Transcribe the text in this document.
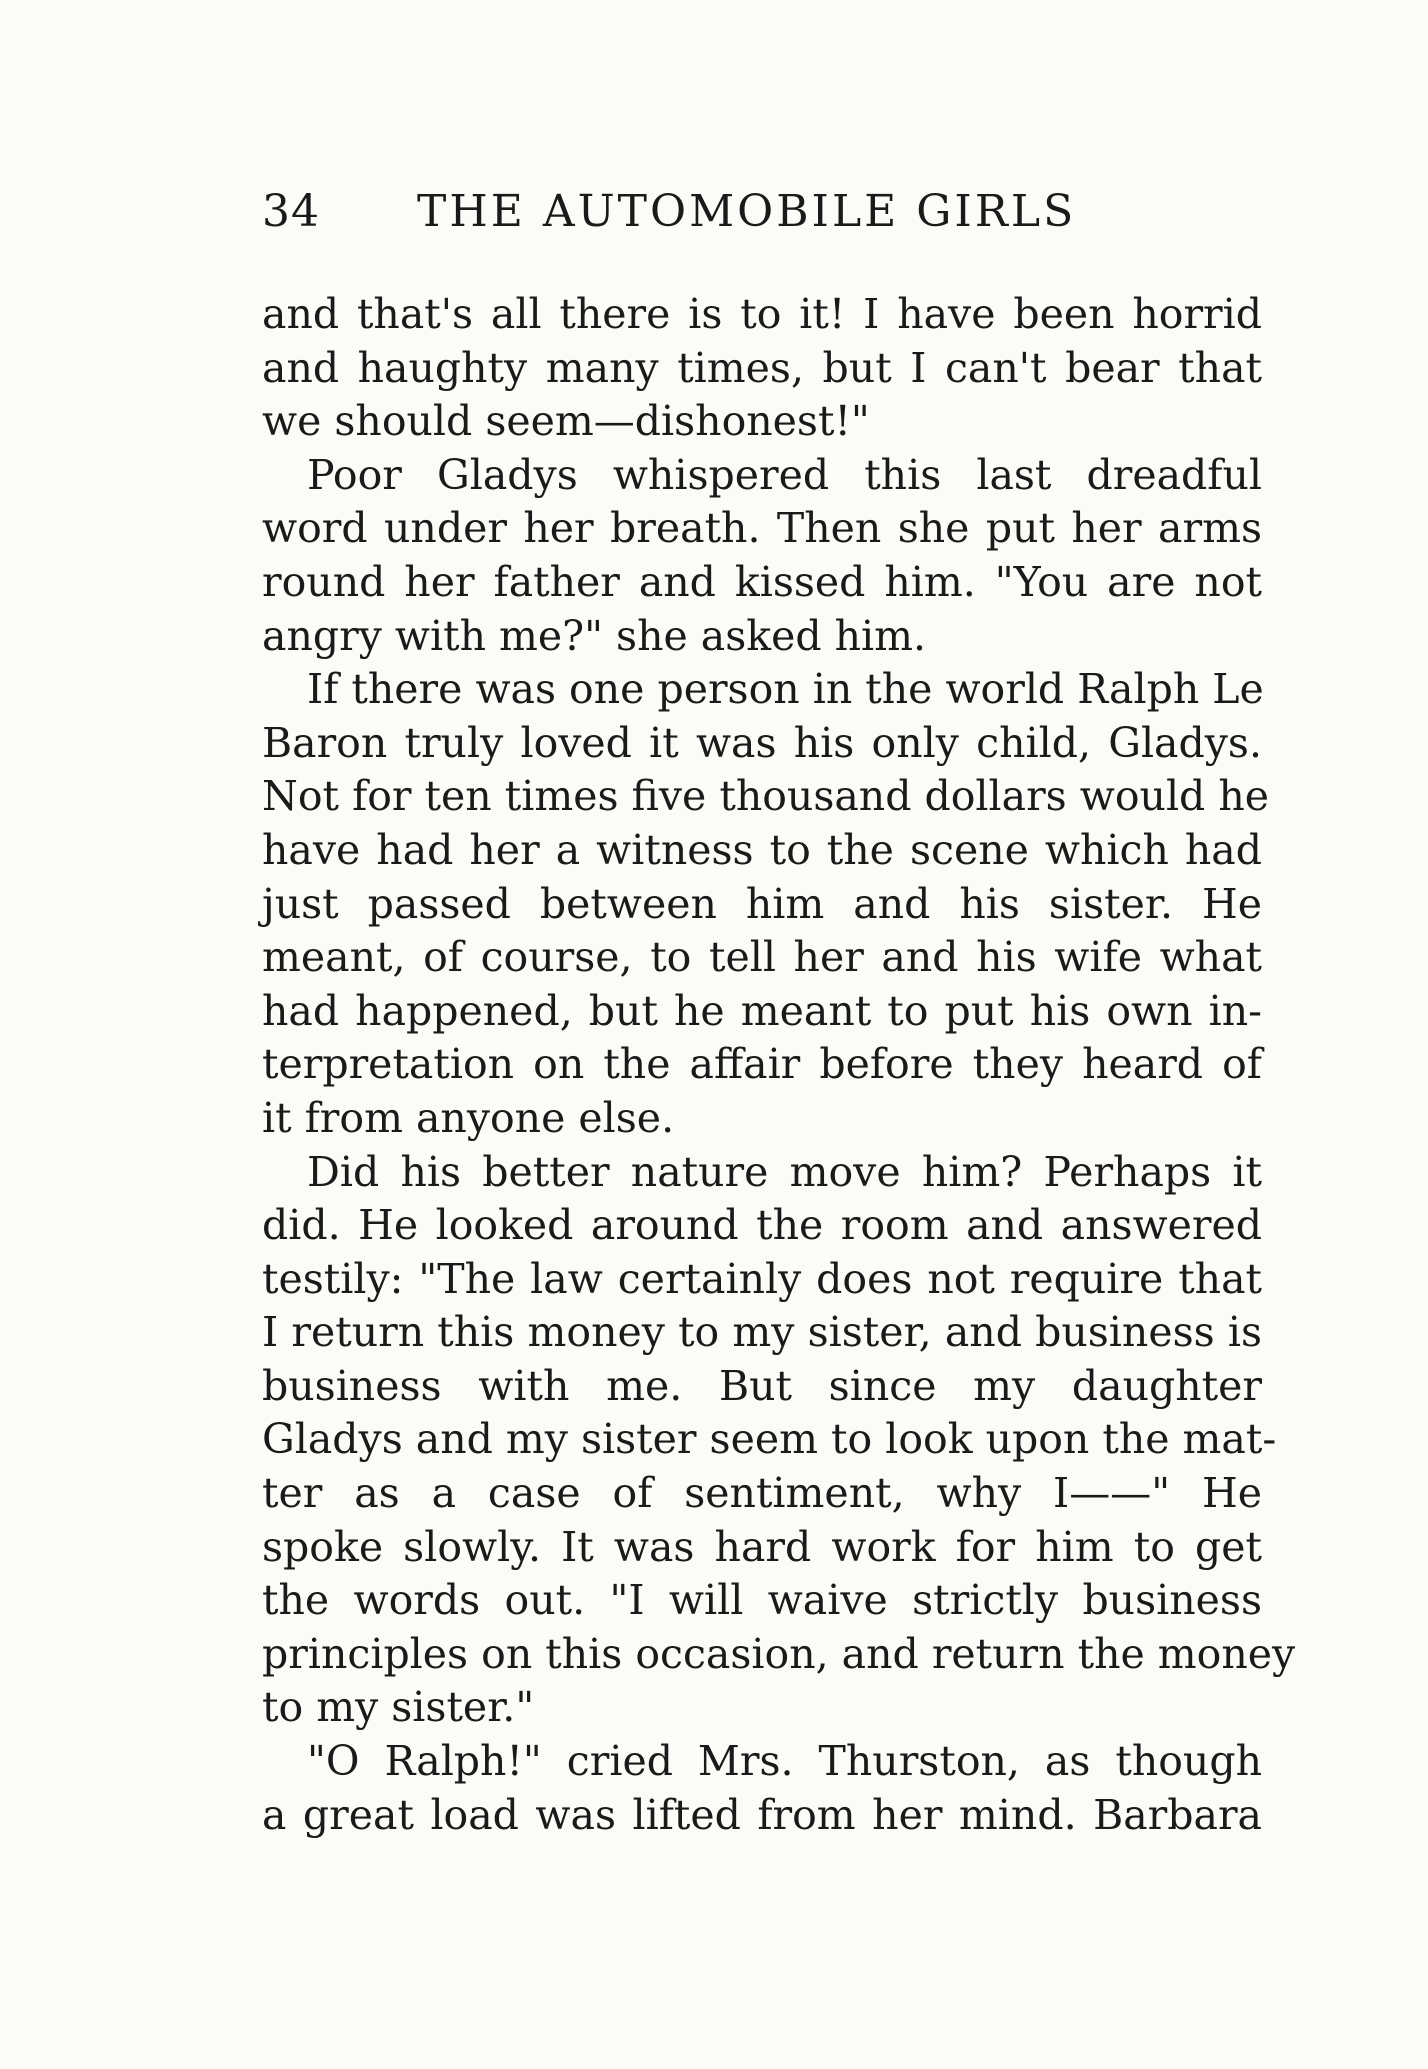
34 THE AUTOMOBILE GIRLS
and that's all there is to it! I have been horrid
and haughty many times, but I can't bear that
we should seem—dishonest!"
Poor Gladys whispered this last dreadful
word under her breath. Then she put her arms
round her father and kissed him. "You are not
angry with me?" she asked him.
If there was one person in the world Ralph Le
Baron truly loved it was his only child, Gladys.
Not for ten times five thousand dollars would he
have had her a witness to the scene which had
just passed between him and his sister. He
meant, of course, to tell her and his wife what
had happened, but he meant to put his own in-
terpretation on the affair before they heard of
it from anyone else.
Did his better nature move him? Perhaps it
did. He looked around the room and answered
testily: "The law certainly does not require that
I return this money to my sister, and business is
business with me. But since my daughter
Gladys and my sister seem to look upon the mat-
ter as a case of sentiment, why I——" He
spoke slowly. It was hard work for him to get
the words out. "I will waive strictly business
principles on this occasion, and return the money
to my sister."
"O Ralph!" cried Mrs. Thurston, as though
a great load was lifted from her mind. Barbara
